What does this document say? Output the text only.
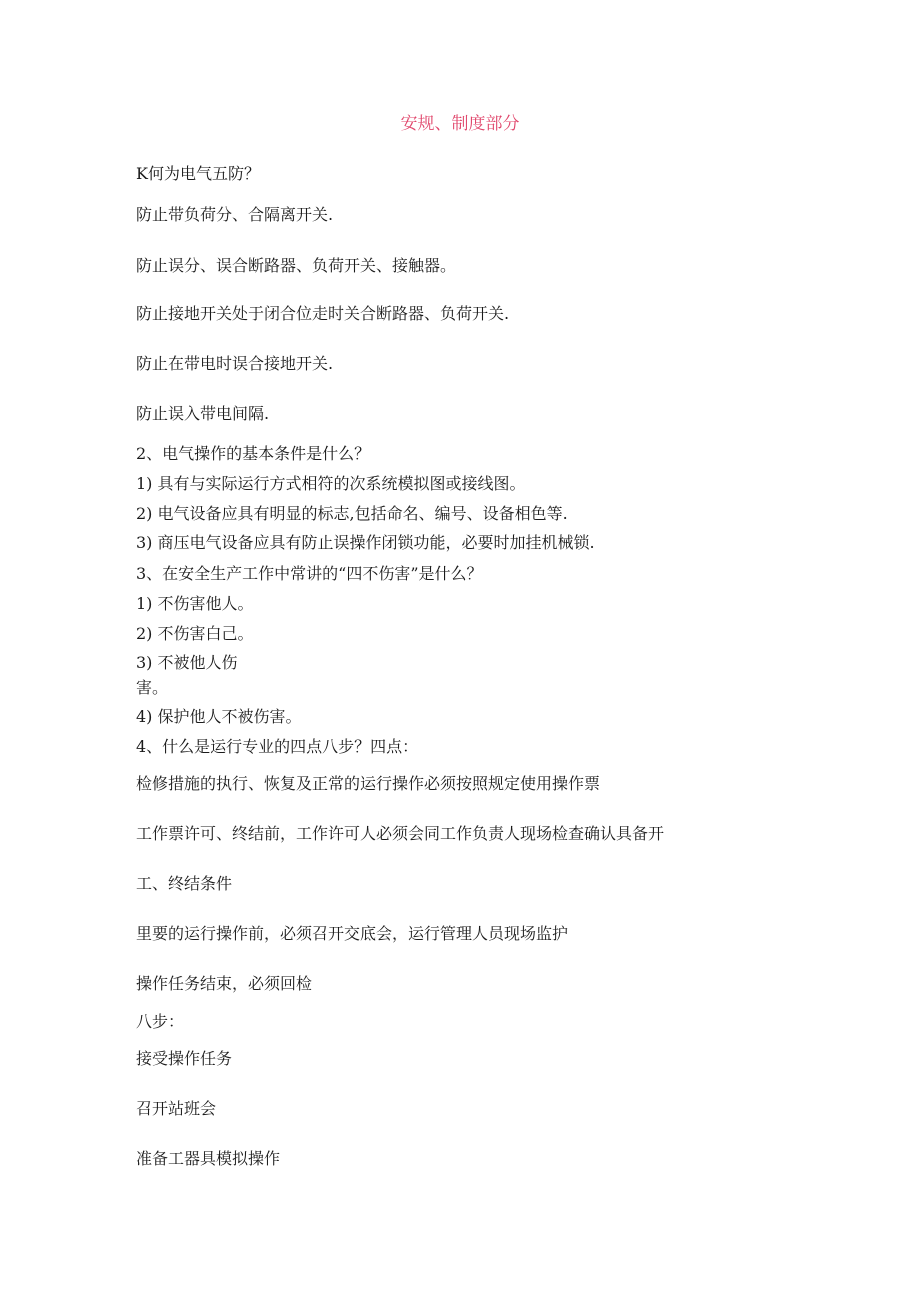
安规、制度部分
K何为电气五防？
防止带负荷分、合隔离开关.
防止误分、误合断路器、负荷开关、接触器。
防止接地开关处于闭合位走时关合断路器、负荷开关.
防止在带电时误合接地开关.
防止误入带电间隔.
2、电气操作的基本条件是什么？
1) 具有与实际运行方式相符的次系统模拟图或接线图。
2) 电气设备应具有明显的标志,包括命名、编号、设备相色等.
3) 商压电气设备应具有防止误操作闭锁功能，必要时加挂机械锁.
3、在安全生产工作中常讲的“四不伤害”是什么？
1) 不伤害他人。
2) 不伤害白己。
3) 不被他人伤
害。
4) 保护他人不被伤害。
4、什么是运行专业的四点八步？四点：
检修措施的执行、恢复及正常的运行操作必须按照规定使用操作票
工作票许可、终结前，工作许可人必须会同工作负责人现场检查确认具备开
工、终结条件
里要的运行操作前，必须召开交底会，运行管理人员现场监护
操作任务结束，必须回检
八步：
接受操作任务
召开站班会
准备工器具模拟操作
